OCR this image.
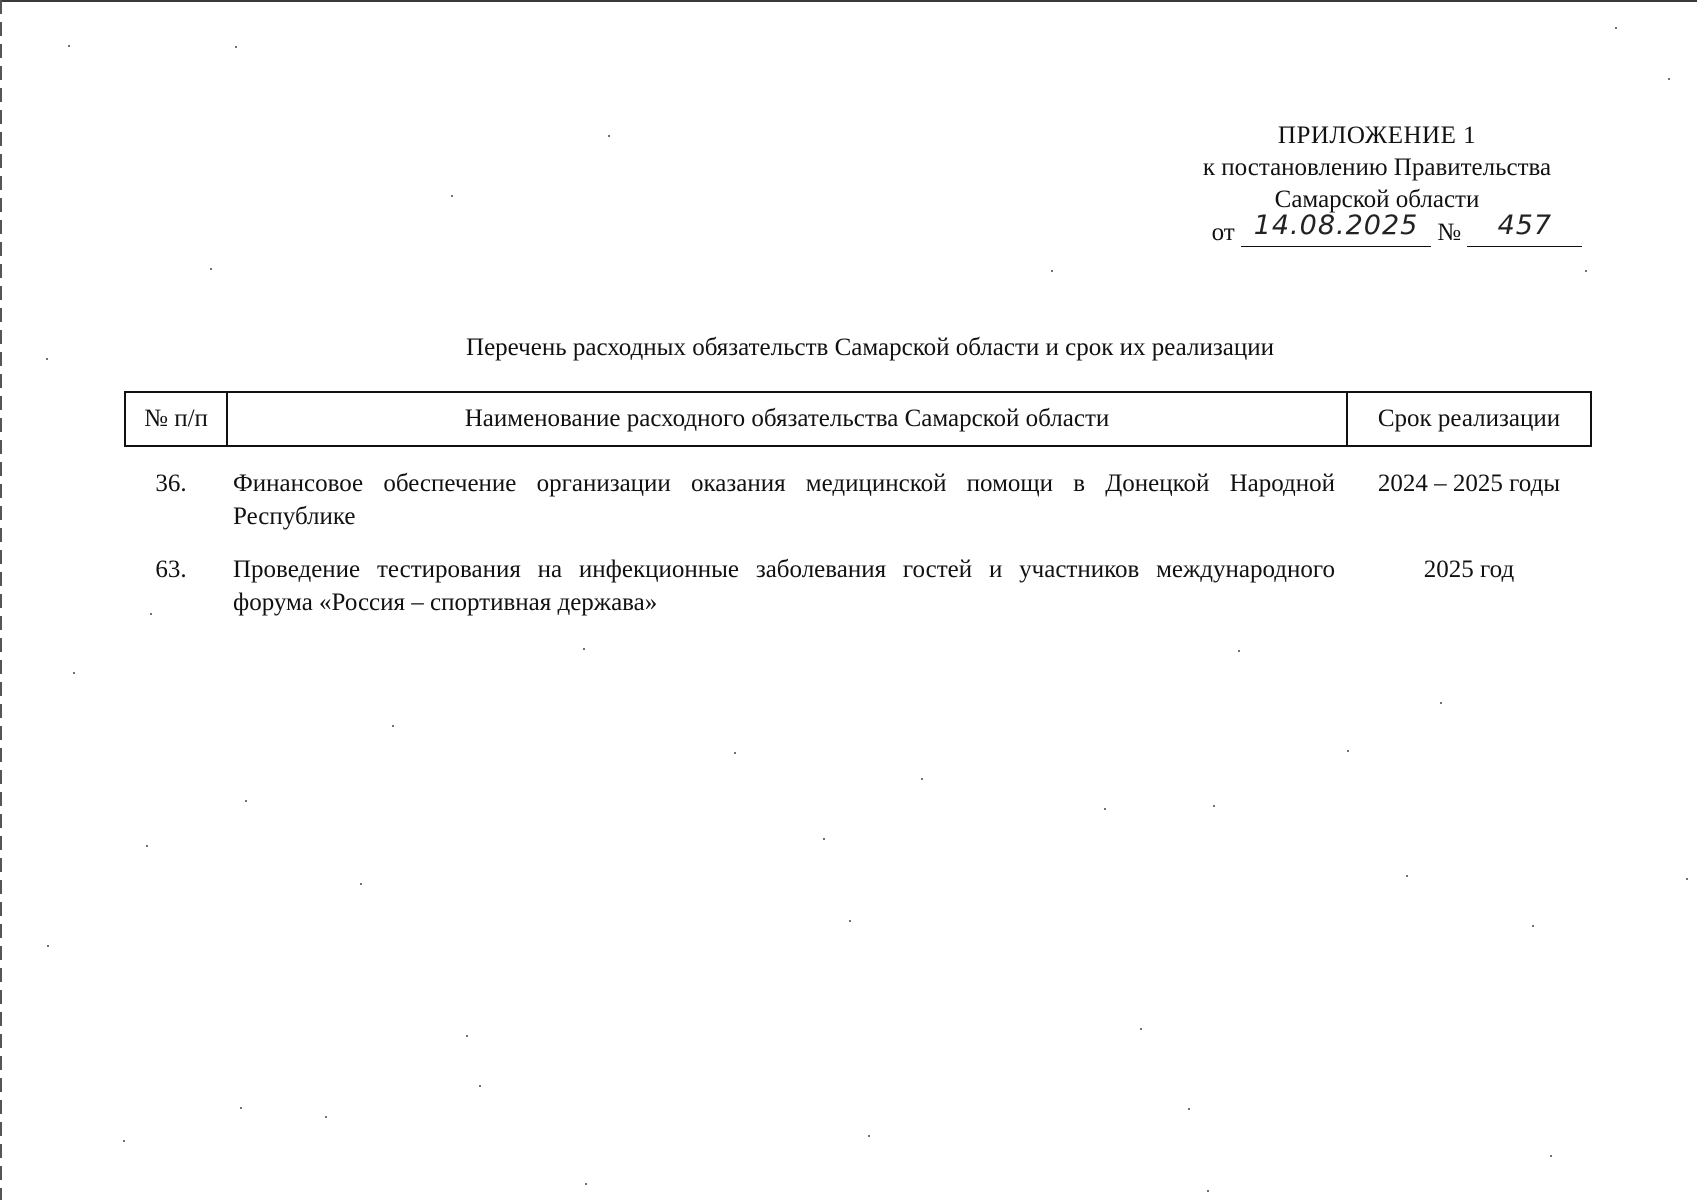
ПРИЛОЖЕНИЕ 1
к постановлению Правительства
Самарской области
от 14.08.2025 № 457
Перечень расходных обязательств Самарской области и срок их реализации
№ п/п	Наименование расходного обязательства Самарской области	Срок реализации
36.	Финансовое обеспечение организации оказания медицинской помощи в Донецкой Народной Республике	2024 – 2025 годы
63.	Проведение тестирования на инфекционные заболевания гостей и участников международного форума «Россия – спортивная держава»	2025 год
